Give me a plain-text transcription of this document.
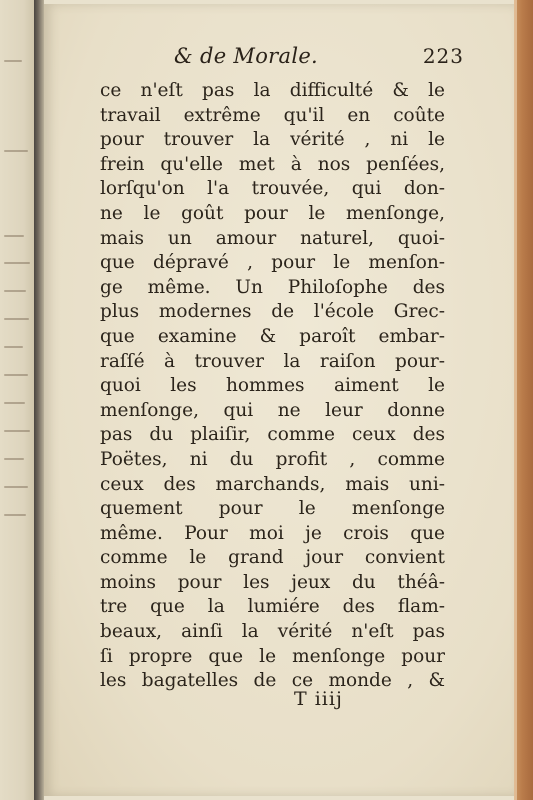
& de Morale.	223
ce n'eſt pas la difficulté & le
travail extrême qu'il en coûte
pour trouver la vérité , ni le
frein qu'elle met à nos penſées,
lorſqu'on l'a trouvée, qui don-
ne le goût pour le menſonge,
mais un amour naturel, quoi-
que dépravé , pour le menſon-
ge même. Un Philoſophe des
plus modernes de l'école Grec-
que examine & paroît embar-
raſſé à trouver la raiſon pour-
quoi les hommes aiment le
menſonge, qui ne leur donne
pas du plaiſir, comme ceux des
Poëtes, ni du profit , comme
ceux des marchands, mais uni-
quement pour le menſonge
même. Pour moi je crois que
comme le grand jour convient
moins pour les jeux du théâ-
tre que la lumiére des flam-
beaux, ainſi la vérité n'eſt pas
ſi propre que le menſonge pour
les bagatelles de ce monde , &
T iiij
